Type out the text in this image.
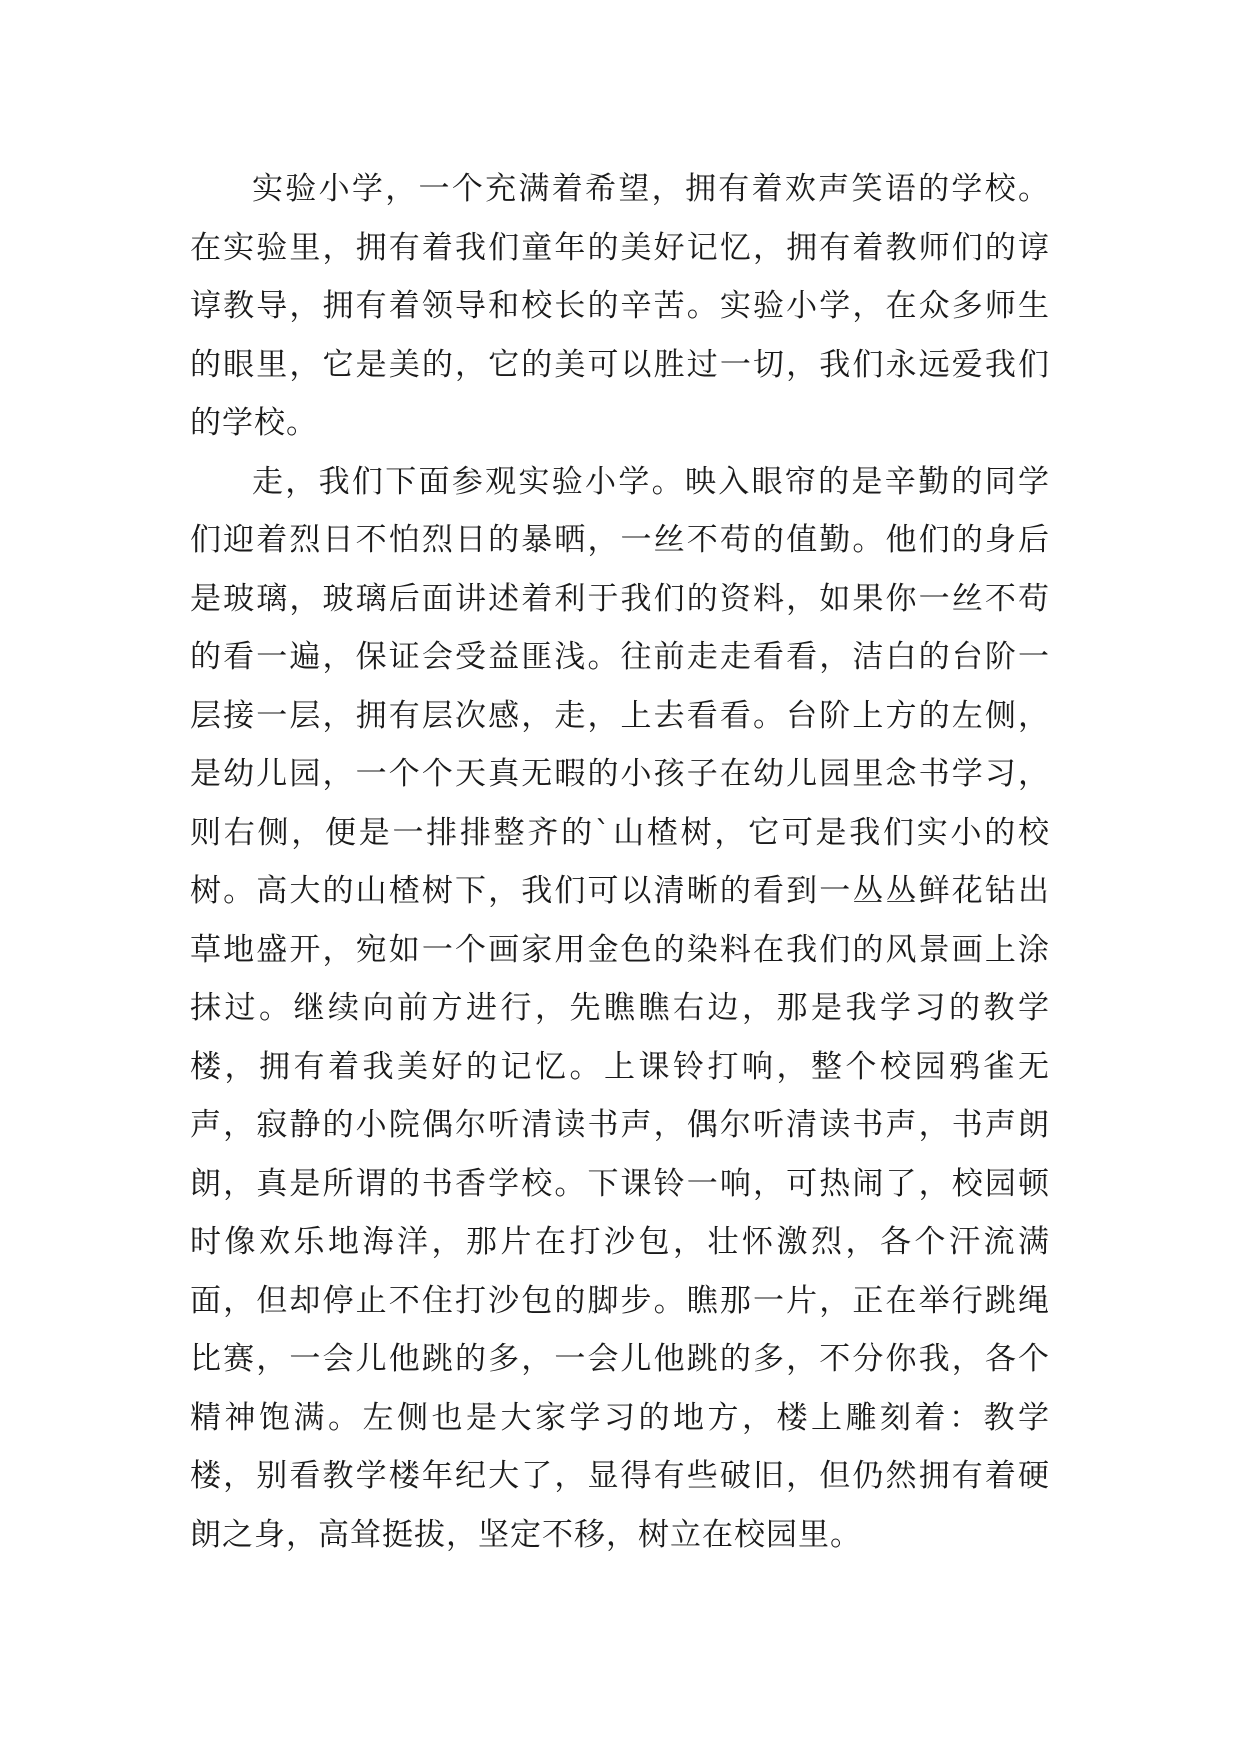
实验小学，一个充满着希望，拥有着欢声笑语的学校。在实验里，拥有着我们童年的美好记忆，拥有着教师们的谆谆教导，拥有着领导和校长的辛苦。实验小学，在众多师生的眼里，它是美的，它的美可以胜过一切，我们永远爱我们的学校。

走，我们下面参观实验小学。映入眼帘的是辛勤的同学们迎着烈日不怕烈日的暴晒，一丝不苟的值勤。他们的身后是玻璃，玻璃后面讲述着利于我们的资料，如果你一丝不苟的看一遍，保证会受益匪浅。往前走走看看，洁白的台阶一层接一层，拥有层次感，走，上去看看。台阶上方的左侧，是幼儿园，一个个天真无暇的小孩子在幼儿园里念书学习，则右侧，便是一排排整齐的`山楂树，它可是我们实小的校树。高大的山楂树下，我们可以清晰的看到一丛丛鲜花钻出草地盛开，宛如一个画家用金色的染料在我们的风景画上涂抹过。继续向前方进行，先瞧瞧右边，那是我学习的教学楼，拥有着我美好的记忆。上课铃打响，整个校园鸦雀无声，寂静的小院偶尔听清读书声，偶尔听清读书声，书声朗朗，真是所谓的书香学校。下课铃一响，可热闹了，校园顿时像欢乐地海洋，那片在打沙包，壮怀激烈，各个汗流满面，但却停止不住打沙包的脚步。瞧那一片，正在举行跳绳比赛，一会儿他跳的多，一会儿他跳的多，不分你我，各个精神饱满。左侧也是大家学习的地方，楼上雕刻着：教学楼，别看教学楼年纪大了，显得有些破旧，但仍然拥有着硬朗之身，高耸挺拔，坚定不移，树立在校园里。
